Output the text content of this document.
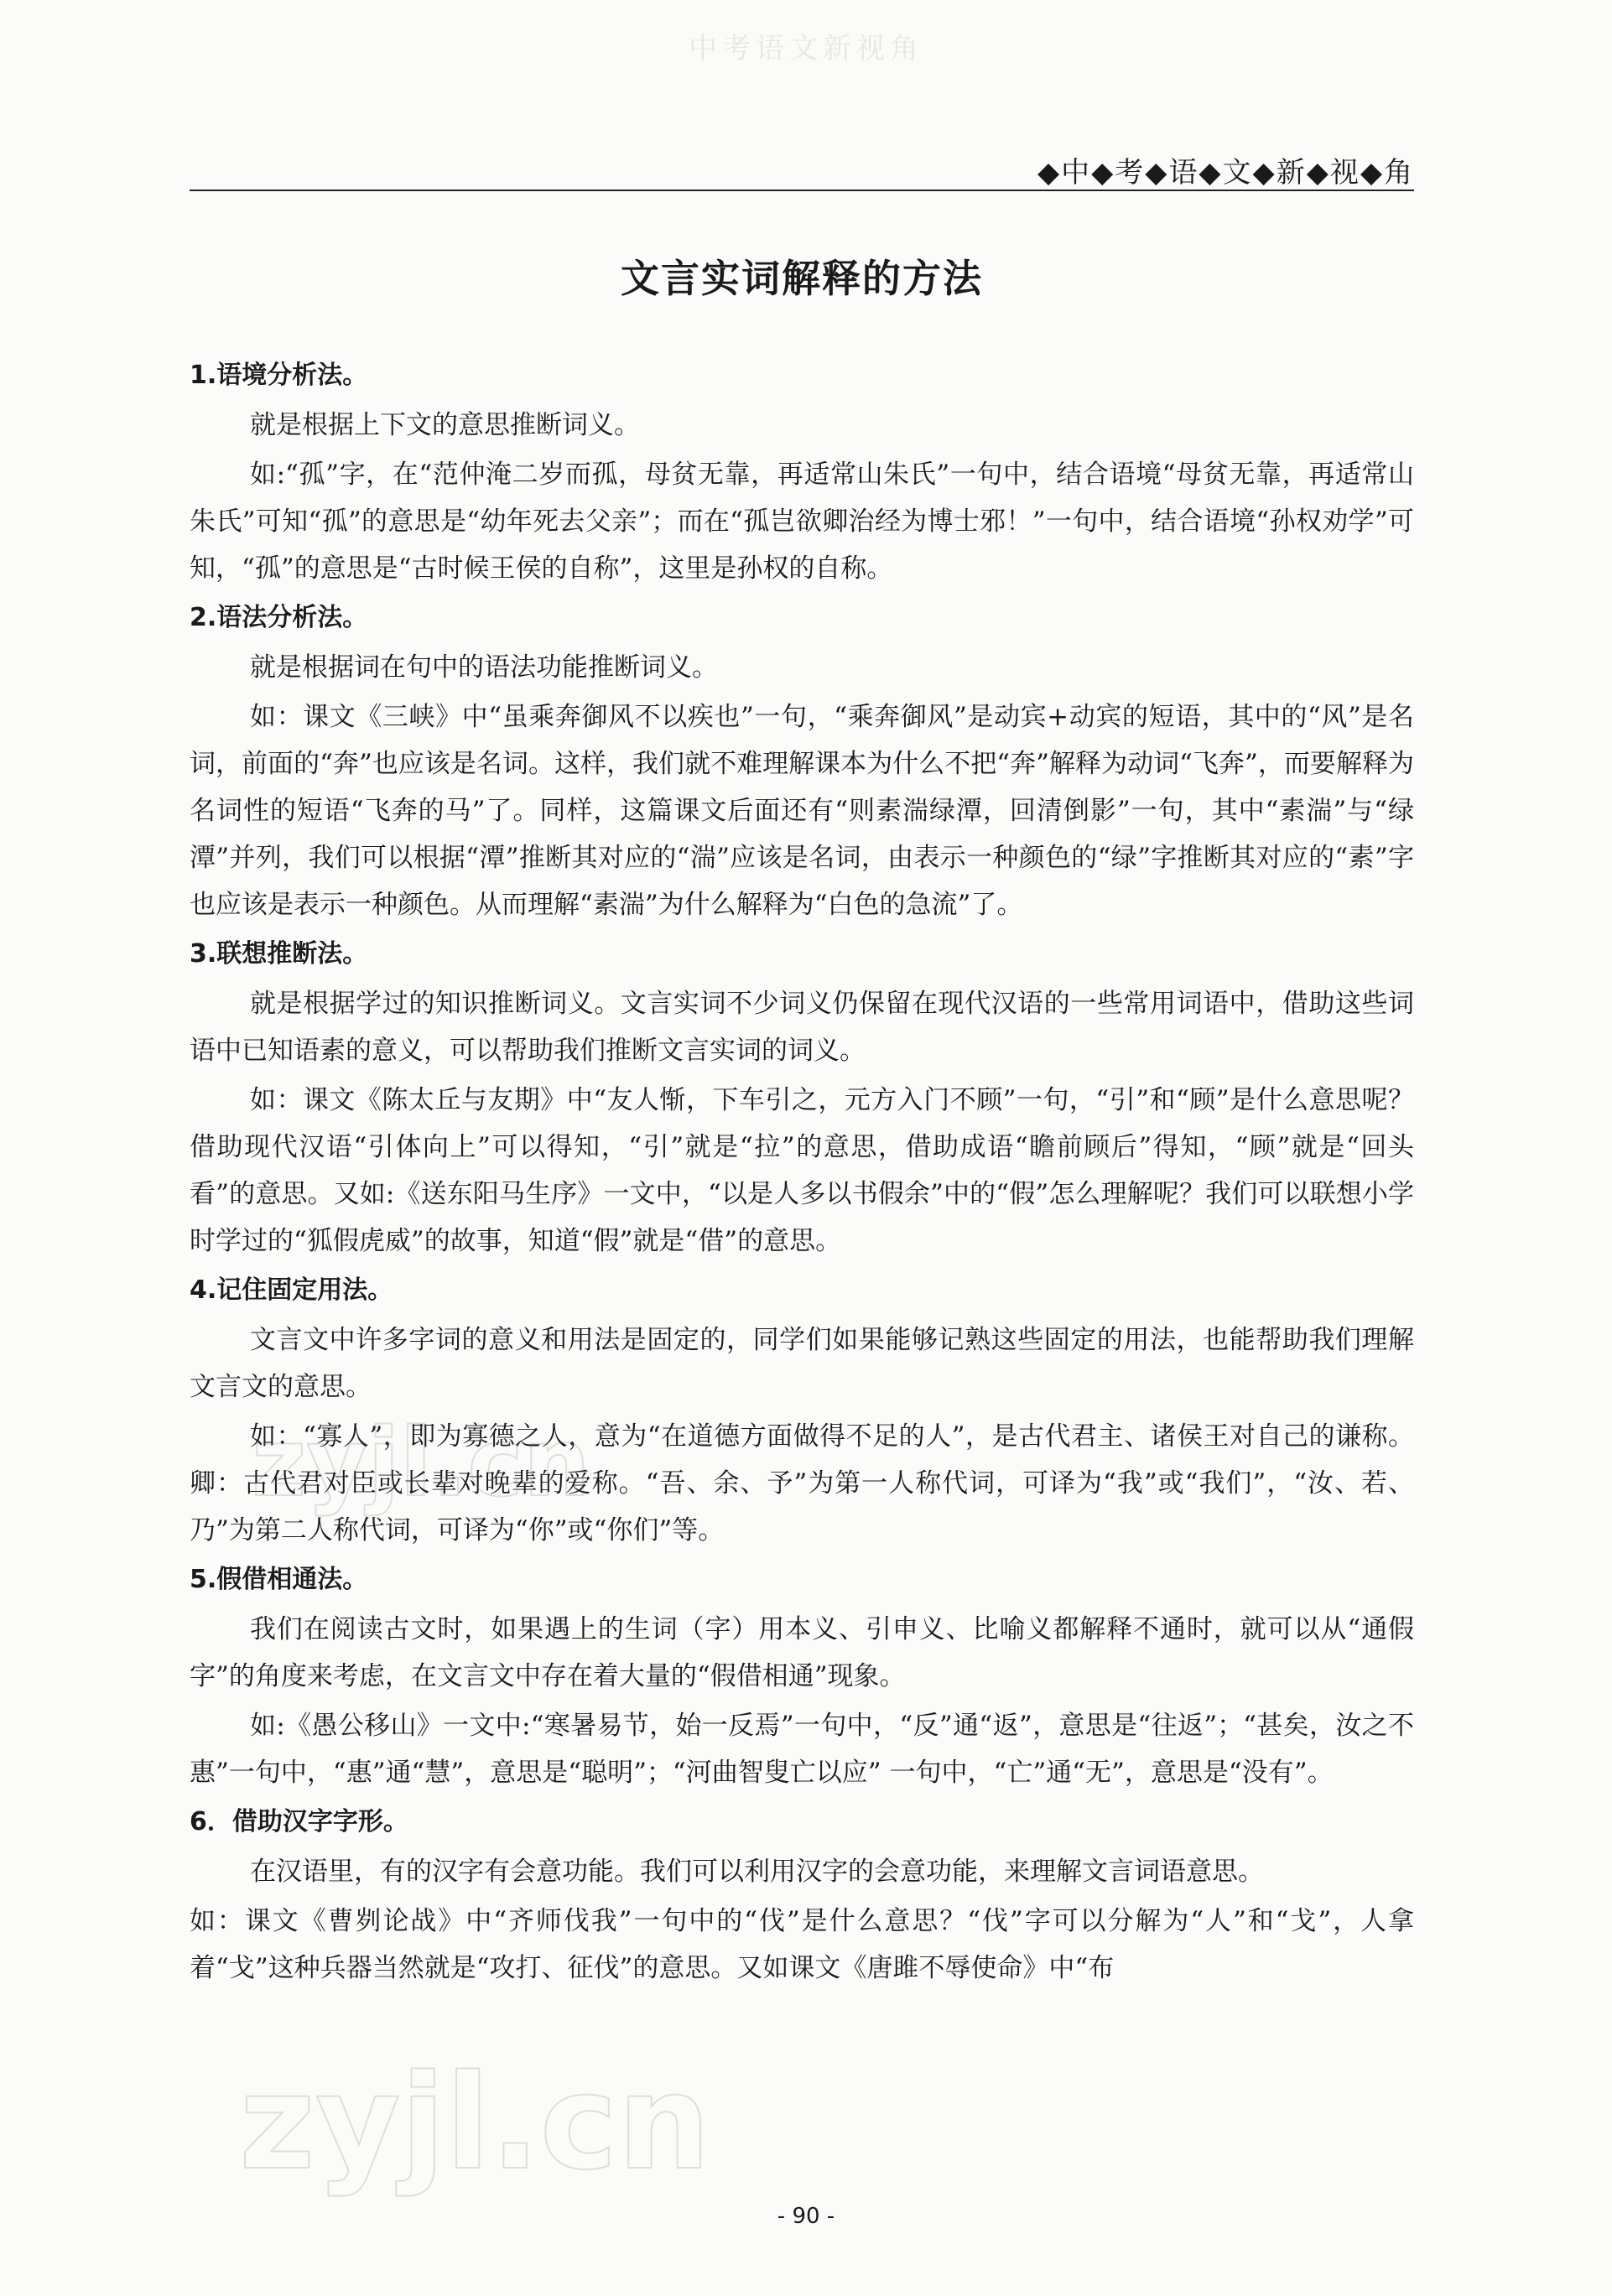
中考语文新视角
◆中◆考◆语◆文◆新◆视◆角
文言实词解释的方法

1.语境分析法。

就是根据上下文的意思推断词义。

如:“孤”字，在“范仲淹二岁而孤，母贫无靠，再适常山朱氏”一句中，结合语境“母贫无靠，再适常山朱氏”可知“孤”的意思是“幼年死去父亲”；而在“孤岂欲卿治经为博士邪！”一句中，结合语境“孙权劝学”可知，“孤”的意思是“古时候王侯的自称”，这里是孙权的自称。

2.语法分析法。

就是根据词在句中的语法功能推断词义。

如：课文《三峡》中“虽乘奔御风不以疾也”一句，“乘奔御风”是动宾+动宾的短语，其中的“风”是名词，前面的“奔”也应该是名词。这样，我们就不难理解课本为什么不把“奔”解释为动词“飞奔”，而要解释为名词性的短语“飞奔的马”了。同样，这篇课文后面还有“则素湍绿潭，回清倒影”一句，其中“素湍”与“绿潭”并列，我们可以根据“潭”推断其对应的“湍”应该是名词，由表示一种颜色的“绿”字推断其对应的“素”字也应该是表示一种颜色。从而理解“素湍”为什么解释为“白色的急流”了。

3.联想推断法。

就是根据学过的知识推断词义。文言实词不少词义仍保留在现代汉语的一些常用词语中，借助这些词语中已知语素的意义，可以帮助我们推断文言实词的词义。

如：课文《陈太丘与友期》中“友人惭，下车引之，元方入门不顾”一句，“引”和“顾”是什么意思呢？借助现代汉语“引体向上”可以得知，“引”就是“拉”的意思，借助成语“瞻前顾后”得知，“顾”就是“回头看”的意思。又如:《送东阳马生序》一文中，“以是人多以书假余”中的“假”怎么理解呢？我们可以联想小学时学过的“狐假虎威”的故事，知道“假”就是“借”的意思。

4.记住固定用法。

文言文中许多字词的意义和用法是固定的，同学们如果能够记熟这些固定的用法，也能帮助我们理解文言文的意思。

如：“寡人”，即为寡德之人，意为“在道德方面做得不足的人”，是古代君主、诸侯王对自己的谦称。卿：古代君对臣或长辈对晚辈的爱称。“吾、余、予”为第一人称代词，可译为“我”或“我们”，“汝、若、乃”为第二人称代词，可译为“你”或“你们”等。

5.假借相通法。

我们在阅读古文时，如果遇上的生词（字）用本义、引申义、比喻义都解释不通时，就可以从“通假字”的角度来考虑，在文言文中存在着大量的“假借相通”现象。

如:《愚公移山》一文中:“寒暑易节，始一反焉”一句中，“反”通“返”，意思是“往返”；“甚矣，汝之不惠”一句中，“惠”通“慧”，意思是“聪明”；“河曲智叟亡以应” 一句中，“亡”通“无”，意思是“没有”。

6．借助汉字字形。

在汉语里，有的汉字有会意功能。我们可以利用汉字的会意功能，来理解文言词语意思。

如：课文《曹刿论战》中“齐师伐我”一句中的“伐”是什么意思？“伐”字可以分解为“人”和“戈”，人拿着“戈”这种兵器当然就是“攻打、征伐”的意思。又如课文《唐雎不辱使命》中“布

zyjl.cn
zyjl.cn
- 90 -
